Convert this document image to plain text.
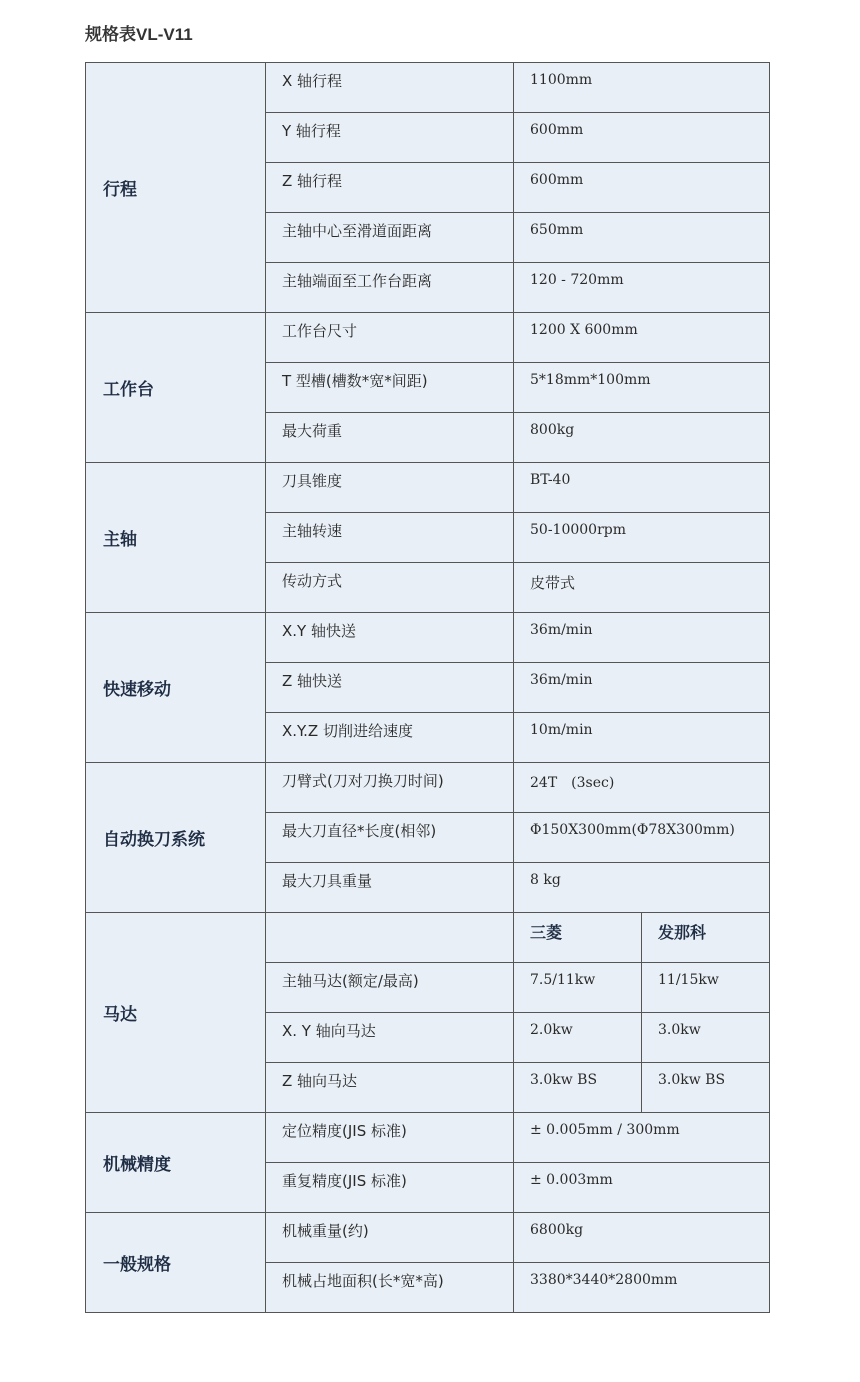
规格表VL-V11
行程	X 轴行程	1100mm	
	Y 轴行程	600mm	
	Z 轴行程	600mm	
	主轴中心至滑道面距离	650mm	
	主轴端面至工作台距离	120 - 720mm	
工作台	工作台尺寸	1200 X 600mm	
	T 型槽(槽数*宽*间距)	5*18mm*100mm	
	最大荷重	800kg	
主轴	刀具锥度	BT-40	
	主轴转速	50-10000rpm	
	传动方式	皮带式	
快速移动	X.Y 轴快送	36m/min	
	Z 轴快送	36m/min	
	X.Y.Z 切削进给速度	10m/min	
自动换刀系统	刀臂式(刀对刀换刀时间)	24T　(3sec)	
	最大刀直径*长度(相邻)	Φ150X300mm(Φ78X300mm)	
	最大刀具重量	8 kg	
马达		三菱	发那科
	主轴马达(额定/最高)	7.5/11kw	11/15kw
	X. Y 轴向马达	2.0kw	3.0kw
	Z 轴向马达	3.0kw BS	3.0kw BS
机械精度	定位精度(JIS 标准)	± 0.005mm / 300mm	
	重复精度(JIS 标准)	± 0.003mm	
一般规格	机械重量(约)	6800kg	
	机械占地面积(长*宽*高)	3380*3440*2800mm	
